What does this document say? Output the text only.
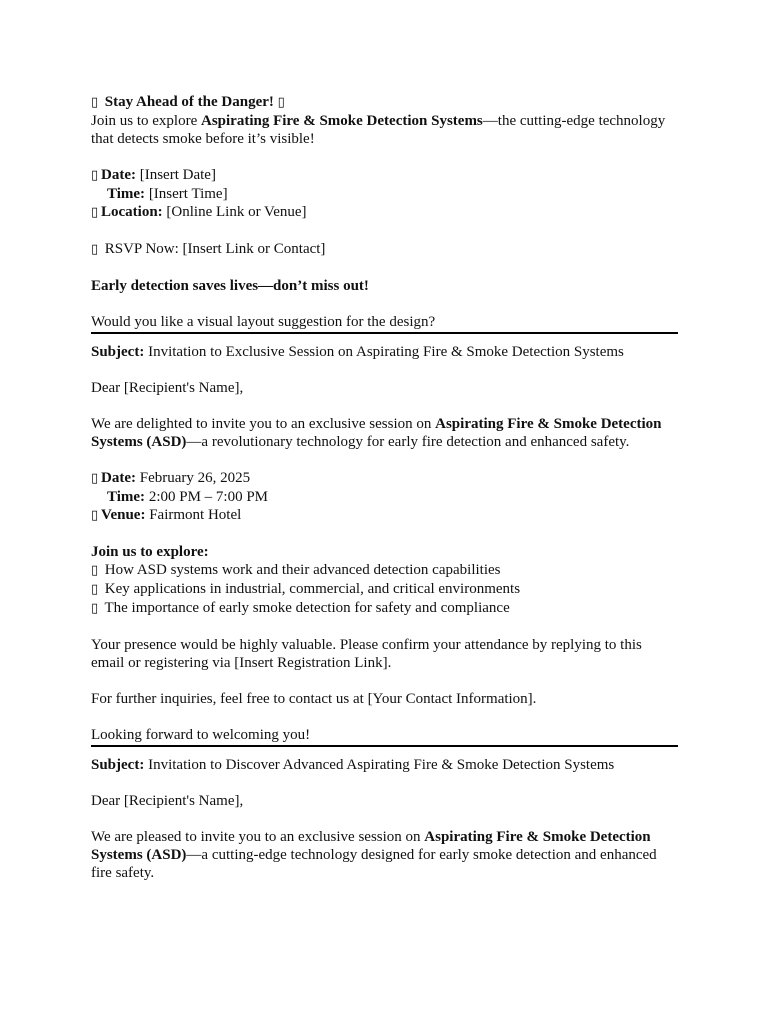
▯ Stay Ahead of the Danger! ▯

Join us to explore Aspirating Fire & Smoke Detection Systems—the cutting-edge technology that detects smoke before it’s visible!

▯ Date: [Insert Date]

Time: [Insert Time]

▯ Location: [Online Link or Venue]

▯ RSVP Now: [Insert Link or Contact]

Early detection saves lives—don’t miss out!

Would you like a visual layout suggestion for the design?

Subject: Invitation to Exclusive Session on Aspirating Fire & Smoke Detection Systems

Dear [Recipient's Name],

We are delighted to invite you to an exclusive session on Aspirating Fire & Smoke Detection Systems (ASD)—a revolutionary technology for early fire detection and enhanced safety.

▯ Date: February 26, 2025

Time: 2:00 PM – 7:00 PM

▯ Venue: Fairmont Hotel

Join us to explore:

▯ How ASD systems work and their advanced detection capabilities

▯ Key applications in industrial, commercial, and critical environments

▯ The importance of early smoke detection for safety and compliance

Your presence would be highly valuable. Please confirm your attendance by replying to this email or registering via [Insert Registration Link].

For further inquiries, feel free to contact us at [Your Contact Information].

Looking forward to welcoming you!

Subject: Invitation to Discover Advanced Aspirating Fire & Smoke Detection Systems

Dear [Recipient's Name],

We are pleased to invite you to an exclusive session on Aspirating Fire & Smoke Detection Systems (ASD)—a cutting-edge technology designed for early smoke detection and enhanced fire safety.
